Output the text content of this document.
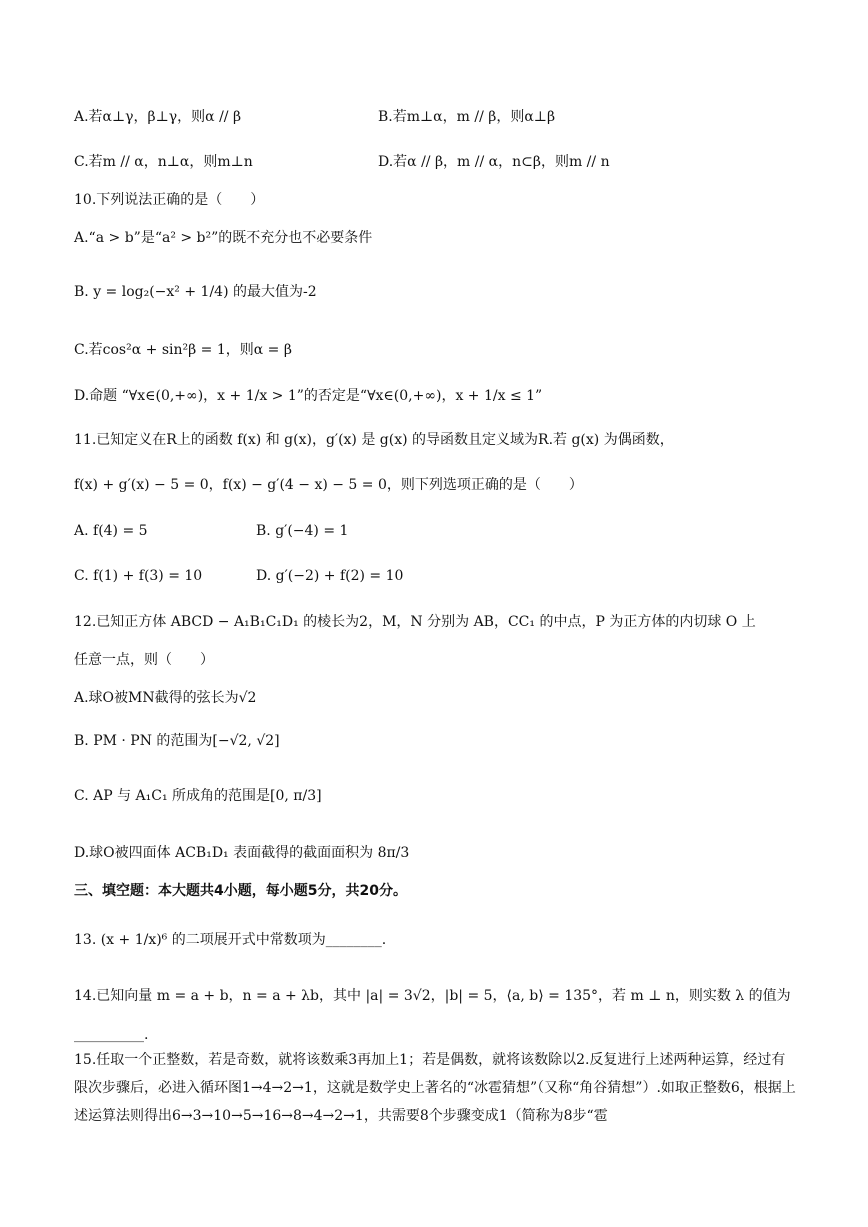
A.若α⊥γ，β⊥γ，则α // β	B.若m⊥α，m // β，则α⊥β
C.若m // α，n⊥α，则m⊥n	D.若α // β，m // α，n⊂β，则m // n
10.下列说法正确的是（　　）
A.“a > b”是“a² > b²”的既不充分也不必要条件
B. y = log₂(−x² + 1/4) 的最大值为-2
C.若cos²α + sin²β = 1，则α = β
D.命题 “∀x∈(0,+∞)，x + 1/x > 1”的否定是“∀x∈(0,+∞)，x + 1/x ≤ 1”
11.已知定义在R上的函数 f(x) 和 g(x)，g′(x) 是 g(x) 的导函数且定义域为R.若 g(x) 为偶函数，
f(x) + g′(x) − 5 = 0，f(x) − g′(4 − x) − 5 = 0，则下列选项正确的是（　　）
A. f(4) = 5	B. g′(−4) = 1
C. f(1) + f(3) = 10	D. g′(−2) + f(2) = 10
12.已知正方体 ABCD − A₁B₁C₁D₁ 的棱长为2，M，N 分别为 AB，CC₁ 的中点，P 为正方体的内切球 O 上
任意一点，则（　　）
A.球O被MN截得的弦长为√2
B. PM · PN 的范围为[−√2, √2]
C. AP 与 A₁C₁ 所成角的范围是[0, π/3]
D.球O被四面体 ACB₁D₁ 表面截得的截面面积为 8π/3
三、填空题：本大题共4小题，每小题5分，共20分。
13. (x + 1/x)⁶ 的二项展开式中常数项为________.
14.已知向量 m = a + b，n = a + λb，其中 |a| = 3√2，|b| = 5，⟨a, b⟩ = 135°，若 m ⊥ n，则实数 λ 的值为
__________.
15.任取一个正整数，若是奇数，就将该数乘3再加上1；若是偶数，就将该数除以2.反复进行上述两种运算，经过有限次步骤后，必进入循环图1→4→2→1，这就是数学史上著名的“冰雹猜想”（又称“角谷猜想”）.如取正整数6，根据上述运算法则得出6→3→10→5→16→8→4→2→1，共需要8个步骤变成1（简称为8步“雹
